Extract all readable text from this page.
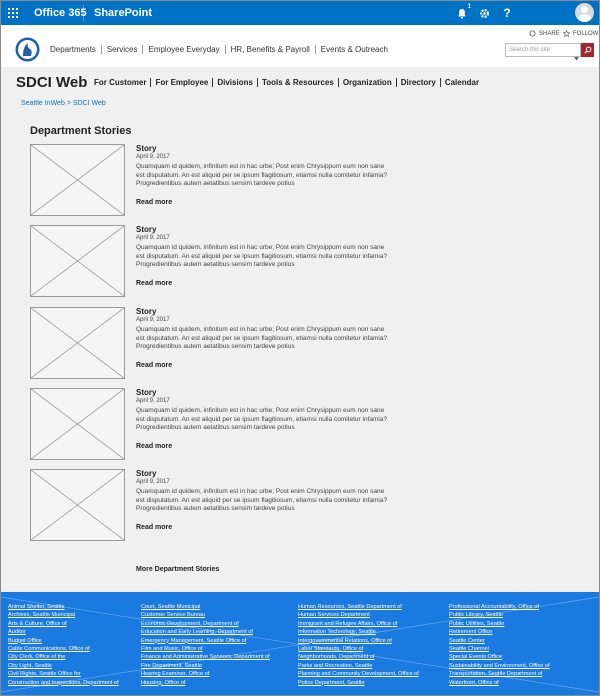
Office 365 SharePoint	1	?
Departments	Services	Employee Everyday	HR, Benefits & Payroll	Events & Outreach
SHARE FOLLOW
Search this site
SDCI Web For Customer	For Employee	Divisions	Tools & Resources	Organization	Directory	Calendar
Seattle InWeb > SDCI Web
Department Stories
Story
April 9, 2017
Quamquam id quidem, infinitum est in hac urbe; Post enim Chrysippum eum non sane est disputatum. An est aliquid per se ipsum flagitiosum, etiamsi nulla comitetur infamia? Progredientibus autem aetatibus sensim tardeve potius
Read more
Story
April 9, 2017
Quamquam id quidem, infinitum est in hac urbe; Post enim Chrysippum eum non sane est disputatum. An est aliquid per se ipsum flagitiosum, etiamsi nulla comitetur infamia? Progredientibus autem aetatibus sensim tardeve potius
Read more
Story
April 9, 2017
Quamquam id quidem, infinitum est in hac urbe; Post enim Chrysippum eum non sane est disputatum. An est aliquid per se ipsum flagitiosum, etiamsi nulla comitetur infamia? Progredientibus autem aetatibus sensim tardeve potius
Read more
Story
April 9, 2017
Quamquam id quidem, infinitum est in hac urbe; Post enim Chrysippum eum non sane est disputatum. An est aliquid per se ipsum flagitiosum, etiamsi nulla comitetur infamia? Progredientibus autem aetatibus sensim tardeve potius
Read more
Story
April 9, 2017
Quamquam id quidem, infinitum est in hac urbe; Post enim Chrysippum eum non sane est disputatum. An est aliquid per se ipsum flagitiosum, etiamsi nulla comitetur infamia? Progredientibus autem aetatibus sensim tardeve potius
Read more
More Department Stories
Animal Shelter, Seattle
Archives, Seattle Municipal
Arts & Culture, Office of
Auditor
Budget Office
Cable Communications, Office of
City Clerk, Office of the
City Light, Seattle
Civil Rights, Seattle Office for
Construction and Inspections, Department of
Court, Seattle Municipal
Customer Service Bureau
Economic Development, Department of
Education and Early Learning, Department of
Emergency Management, Seattle Office of
Film and Music, Office of
Finance and Administrative Services, Department of
Fire Department, Seattle
Hearing Examiner, Office of
Housing, Office of
Human Resources, Seattle Department of
Human Services Department
Immigrant and Refugee Affairs, Office of
Information Technology, Seattle
Intergovernmental Relations, Office of
Labor Standards, Office of
Neighborhoods, Department of
Parks and Recreation, Seattle
Planning and Community Development, Office of
Police Department, Seattle
Professional Accountability, Office of
Public Library, Seattle
Public Utilities, Seattle
Retirement Office
Seattle Center
Seattle Channel
Special Events Office
Sustainability and Environment, Office of
Transportation, Seattle Department of
Waterfront, Office of
